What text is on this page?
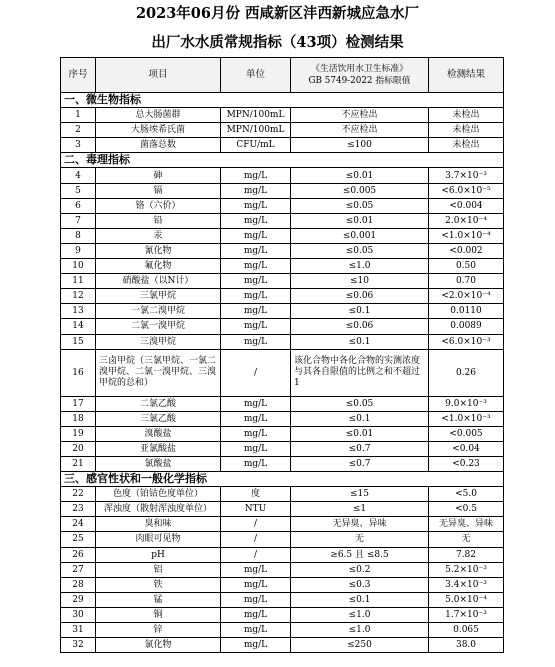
2023年06月份 西咸新区沣西新城应急水厂
出厂水水质常规指标（43项）检测结果
序号	项目	单位	《生活饮用水卫生标准》
GB 5749-2022 指标限值	检测结果
一、微生物指标				
1	总大肠菌群	MPN/100mL	不应检出	未检出
2	大肠埃希氏菌	MPN/100mL	不应检出	未检出
3	菌落总数	CFU/mL	≤100	未检出
二、毒理指标				
4	砷	mg/L	≤0.01	3.7×10⁻³
5	镉	mg/L	≤0.005	<6.0×10⁻⁵
6	铬（六价）	mg/L	≤0.05	<0.004
7	铅	mg/L	≤0.01	2.0×10⁻⁴
8	汞	mg/L	≤0.001	<1.0×10⁻⁴
9	氰化物	mg/L	≤0.05	<0.002
10	氟化物	mg/L	≤1.0	0.50
11	硝酸盐（以N计）	mg/L	≤10	0.70
12	三氯甲烷	mg/L	≤0.06	<2.0×10⁻⁴
13	一氯二溴甲烷	mg/L	≤0.1	0.0110
14	二氯一溴甲烷	mg/L	≤0.06	0.0089
15	三溴甲烷	mg/L	≤0.1	<6.0×10⁻³
16	三卤甲烷（三氯甲烷、一氯二溴甲烷、二氯一溴甲烷、三溴甲烷的总和）	/	该化合物中各化合物的实测浓度与其各自限值的比例之和不超过1	0.26
17	二氯乙酸	mg/L	≤0.05	9.0×10⁻³
18	三氯乙酸	mg/L	≤0.1	<1.0×10⁻³
19	溴酸盐	mg/L	≤0.01	<0.005
20	亚氯酸盐	mg/L	≤0.7	<0.04
21	氯酸盐	mg/L	≤0.7	<0.23
三、感官性状和一般化学指标				
22	色度（铂钴色度单位）	度	≤15	<5.0
23	浑浊度（散射浑浊度单位）	NTU	≤1	<0.5
24	臭和味	/	无异臭、异味	无异臭、异味
25	肉眼可见物	/	无	无
26	pH	/	≥6.5 且 ≤8.5	7.82
27	铝	mg/L	≤0.2	5.2×10⁻³
28	铁	mg/L	≤0.3	3.4×10⁻³
29	锰	mg/L	≤0.1	5.0×10⁻⁴
30	铜	mg/L	≤1.0	1.7×10⁻³
31	锌	mg/L	≤1.0	0.065
32	氯化物	mg/L	≤250	38.0
